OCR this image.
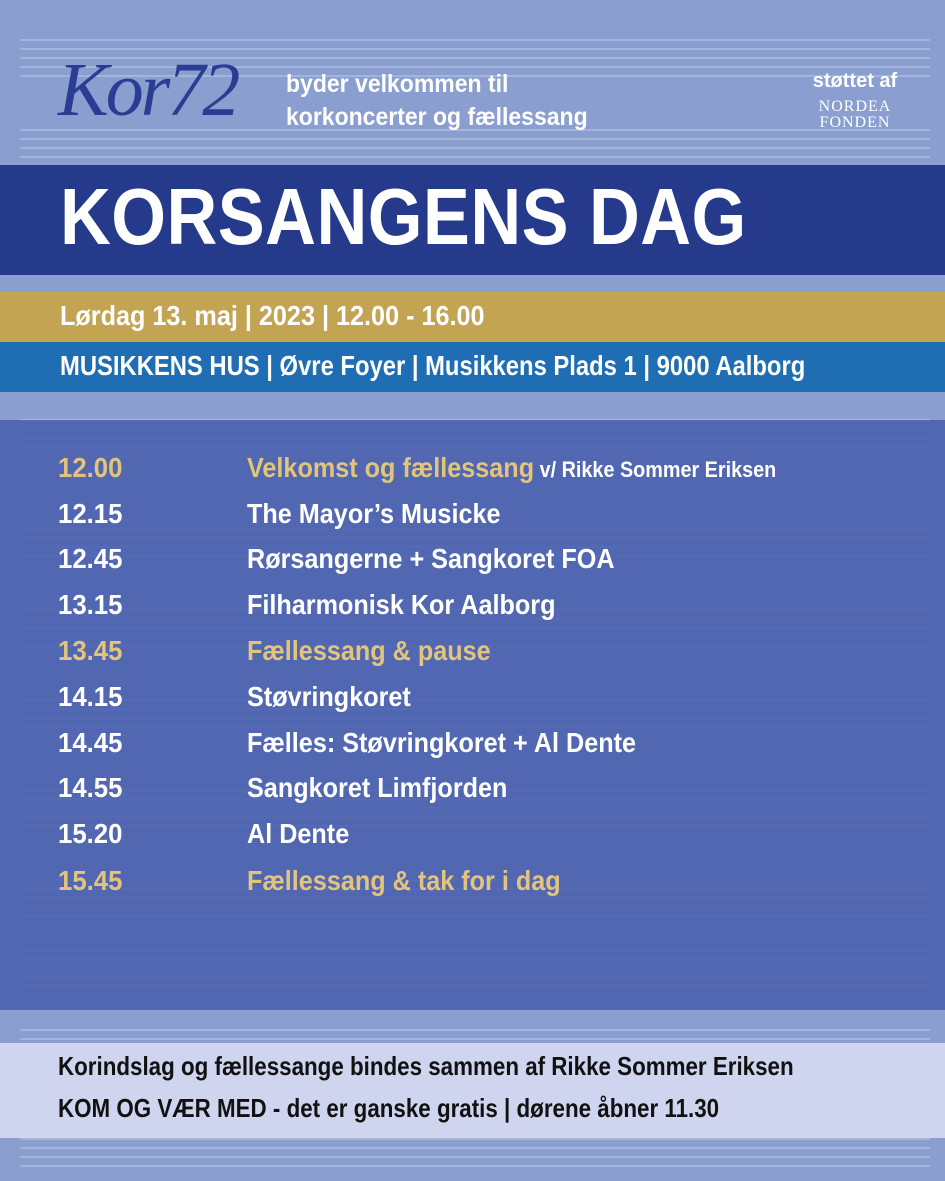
Kor72 byder velkommen til
korkoncerter og fællessang
støttet af
NORDEA
FONDEN
KORSANGENS DAG
Lørdag 13. maj | 2023 | 12.00 - 16.00
MUSIKKENS HUS | Øvre Foyer | Musikkens Plads 1 | 9000 Aalborg
12.00	Velkomst og fællessang v/ Rikke Sommer Eriksen
12.15	The Mayor’s Musicke
12.45	Rørsangerne + Sangkoret FOA
13.15	Filharmonisk Kor Aalborg
13.45	Fællessang & pause
14.15	Støvringkoret
14.45	Fælles: Støvringkoret + Al Dente
14.55	Sangkoret Limfjorden
15.20	Al Dente
15.45	Fællessang & tak for i dag
Korindslag og fællessange bindes sammen af Rikke Sommer Eriksen
KOM OG VÆR MED - det er ganske gratis | dørene åbner 11.30
